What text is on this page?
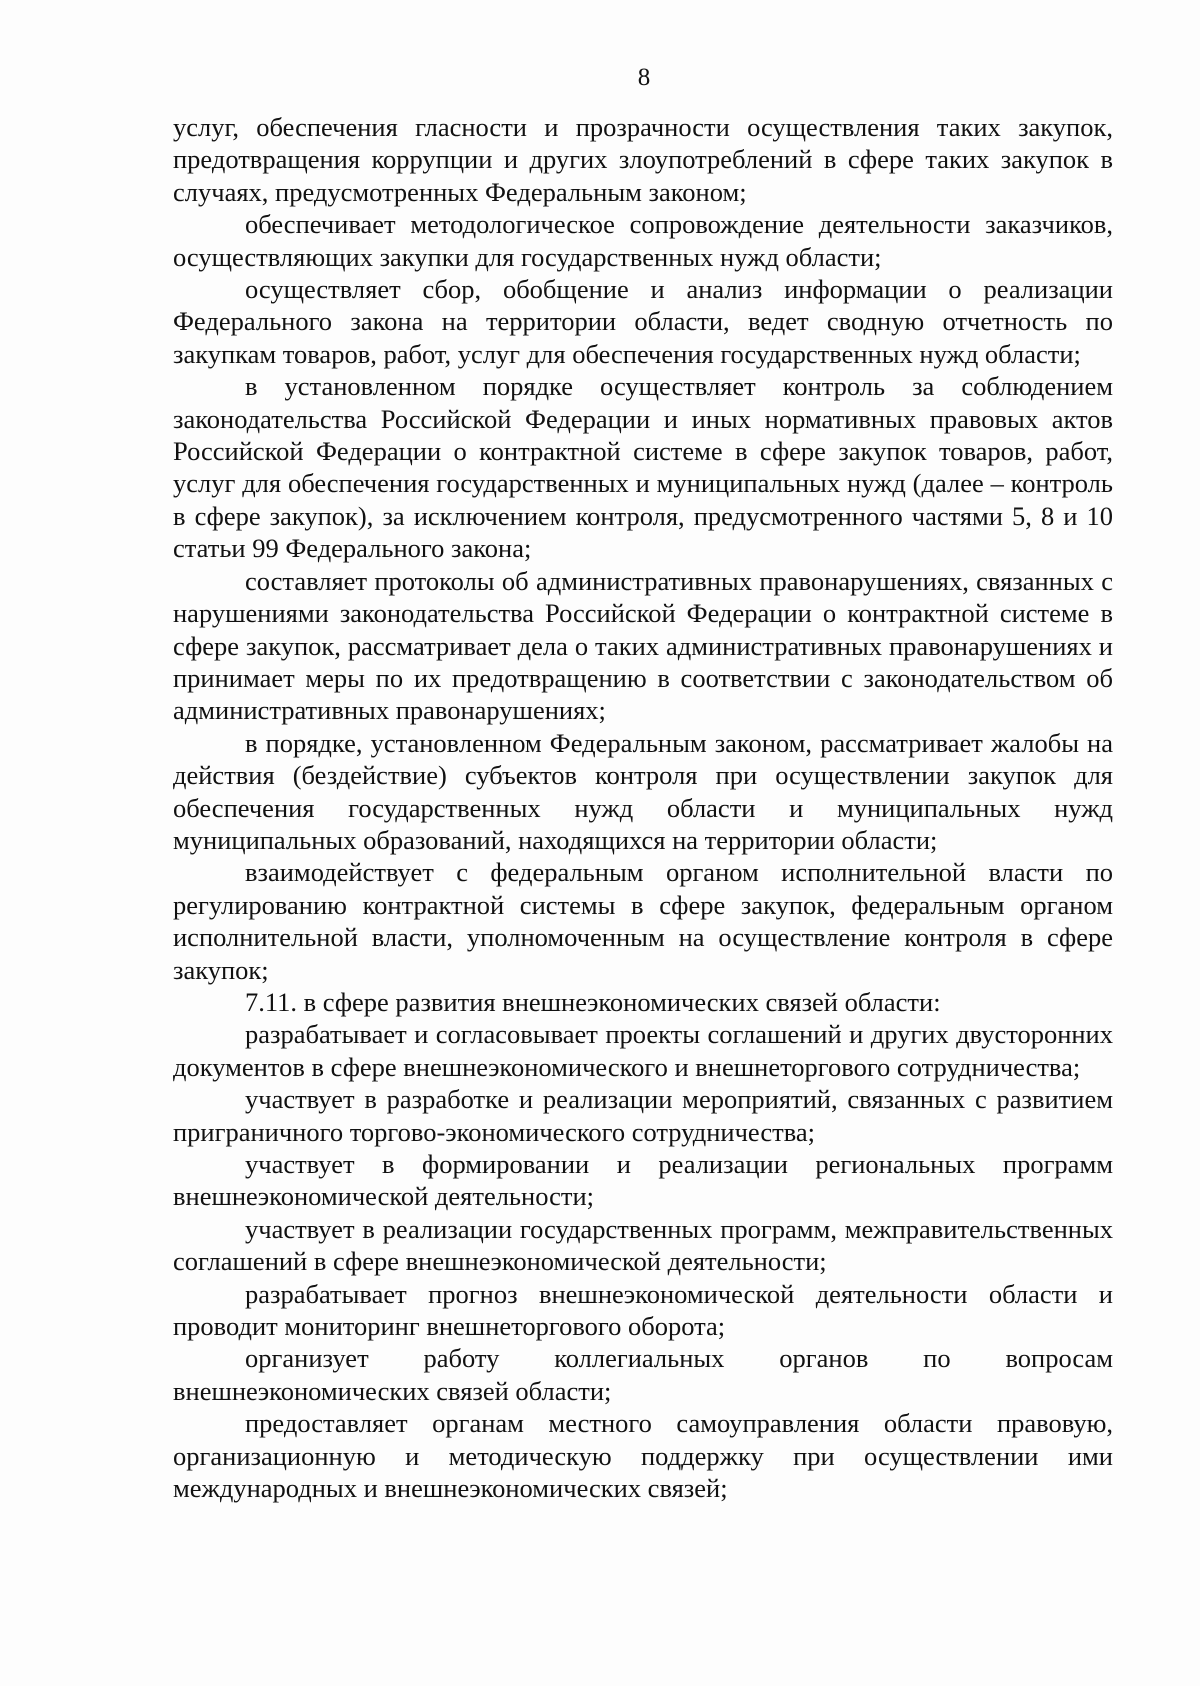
8

услуг, обеспечения гласности и прозрачности осуществления таких закупок, предотвращения коррупции и других злоупотреблений в сфере таких закупок в случаях, предусмотренных Федеральным законом;

обеспечивает методологическое сопровождение деятельности заказчиков, осуществляющих закупки для государственных нужд области;

осуществляет сбор, обобщение и анализ информации о реализации Федерального закона на территории области, ведет сводную отчетность по закупкам товаров, работ, услуг для обеспечения государственных нужд области;

в установленном порядке осуществляет контроль за соблюдением законодательства Российской Федерации и иных нормативных правовых актов Российской Федерации о контрактной системе в сфере закупок товаров, работ, услуг для обеспечения государственных и муниципальных нужд (далее – контроль в сфере закупок), за исключением контроля, предусмотренного частями 5, 8 и 10 статьи 99 Федерального закона;

составляет протоколы об административных правонарушениях, связанных с нарушениями законодательства Российской Федерации о контрактной системе в сфере закупок, рассматривает дела о таких административных правонарушениях и принимает меры по их предотвращению в соответствии с законодательством об административных правонарушениях;

в порядке, установленном Федеральным законом, рассматривает жалобы на действия (бездействие) субъектов контроля при осуществлении закупок для обеспечения государственных нужд области и муниципальных нужд муниципальных образований, находящихся на территории области;

взаимодействует с федеральным органом исполнительной власти по регулированию контрактной системы в сфере закупок, федеральным органом исполнительной власти, уполномоченным на осуществление контроля в сфере закупок;

7.11. в сфере развития внешнеэкономических связей области:

разрабатывает и согласовывает проекты соглашений и других двусторонних документов в сфере внешнеэкономического и внешнеторгового сотрудничества;

участвует в разработке и реализации мероприятий, связанных с развитием приграничного торгово-экономического сотрудничества;

участвует в формировании и реализации региональных программ внешнеэкономической деятельности;

участвует в реализации государственных программ, межправительственных соглашений в сфере внешнеэкономической деятельности;

разрабатывает прогноз внешнеэкономической деятельности области и проводит мониторинг внешнеторгового оборота;

организует работу коллегиальных органов по вопросам внешнеэкономических связей области;

предоставляет органам местного самоуправления области правовую, организационную и методическую поддержку при осуществлении ими международных и внешнеэкономических связей;
